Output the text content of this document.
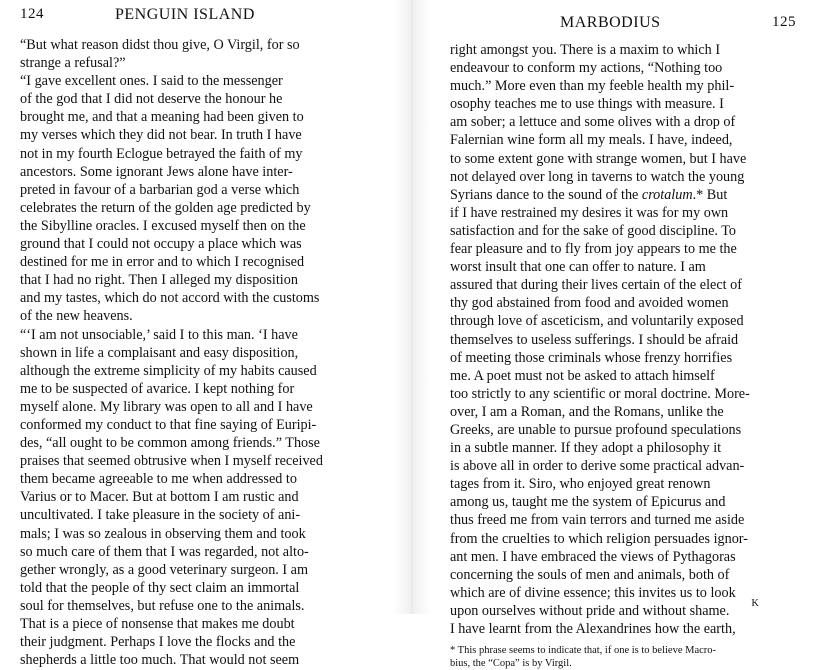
124	PENGUIN ISLAND
“But what reason didst thou give, O Virgil, for so
strange a refusal?”
“I gave excellent ones. I said to the messenger
of the god that I did not deserve the honour he
brought me, and that a meaning had been given to
my verses which they did not bear. In truth I have
not in my fourth Eclogue betrayed the faith of my
ancestors. Some ignorant Jews alone have inter-
preted in favour of a barbarian god a verse which
celebrates the return of the golden age predicted by
the Sibylline oracles. I excused myself then on the
ground that I could not occupy a place which was
destined for me in error and to which I recognised
that I had no right. Then I alleged my disposition
and my tastes, which do not accord with the customs
of the new heavens.
“‘I am not unsociable,’ said I to this man. ‘I have
shown in life a complaisant and easy disposition,
although the extreme simplicity of my habits caused
me to be suspected of avarice. I kept nothing for
myself alone. My library was open to all and I have
conformed my conduct to that fine saying of Euripi-
des, “all ought to be common among friends.” Those
praises that seemed obtrusive when I myself received
them became agreeable to me when addressed to
Varius or to Macer. But at bottom I am rustic and
uncultivated. I take pleasure in the society of ani-
mals; I was so zealous in observing them and took
so much care of them that I was regarded, not alto-
gether wrongly, as a good veterinary surgeon. I am
told that the people of thy sect claim an immortal
soul for themselves, but refuse one to the animals.
That is a piece of nonsense that makes me doubt
their judgment. Perhaps I love the flocks and the
shepherds a little too much. That would not seem
MARBODIUS	125
right amongst you. There is a maxim to which I
endeavour to conform my actions, “Nothing too
much.” More even than my feeble health my phil-
osophy teaches me to use things with measure. I
am sober; a lettuce and some olives with a drop of
Falernian wine form all my meals. I have, indeed,
to some extent gone with strange women, but I have
not delayed over long in taverns to watch the young
Syrians dance to the sound of the crotalum.* But
if I have restrained my desires it was for my own
satisfaction and for the sake of good discipline. To
fear pleasure and to fly from joy appears to me the
worst insult that one can offer to nature. I am
assured that during their lives certain of the elect of
thy god abstained from food and avoided women
through love of asceticism, and voluntarily exposed
themselves to useless sufferings. I should be afraid
of meeting those criminals whose frenzy horrifies
me. A poet must not be asked to attach himself
too strictly to any scientific or moral doctrine. More-
over, I am a Roman, and the Romans, unlike the
Greeks, are unable to pursue profound speculations
in a subtle manner. If they adopt a philosophy it
is above all in order to derive some practical advan-
tages from it. Siro, who enjoyed great renown
among us, taught me the system of Epicurus and
thus freed me from vain terrors and turned me aside
from the cruelties to which religion persuades ignor-
ant men. I have embraced the views of Pythagoras
concerning the souls of men and animals, both of
which are of divine essence; this invites us to look
upon ourselves without pride and without shame.
I have learnt from the Alexandrines how the earth,
* This phrase seems to indicate that, if one is to believe Macro-
bius, the “Copa” is by Virgil.
K
